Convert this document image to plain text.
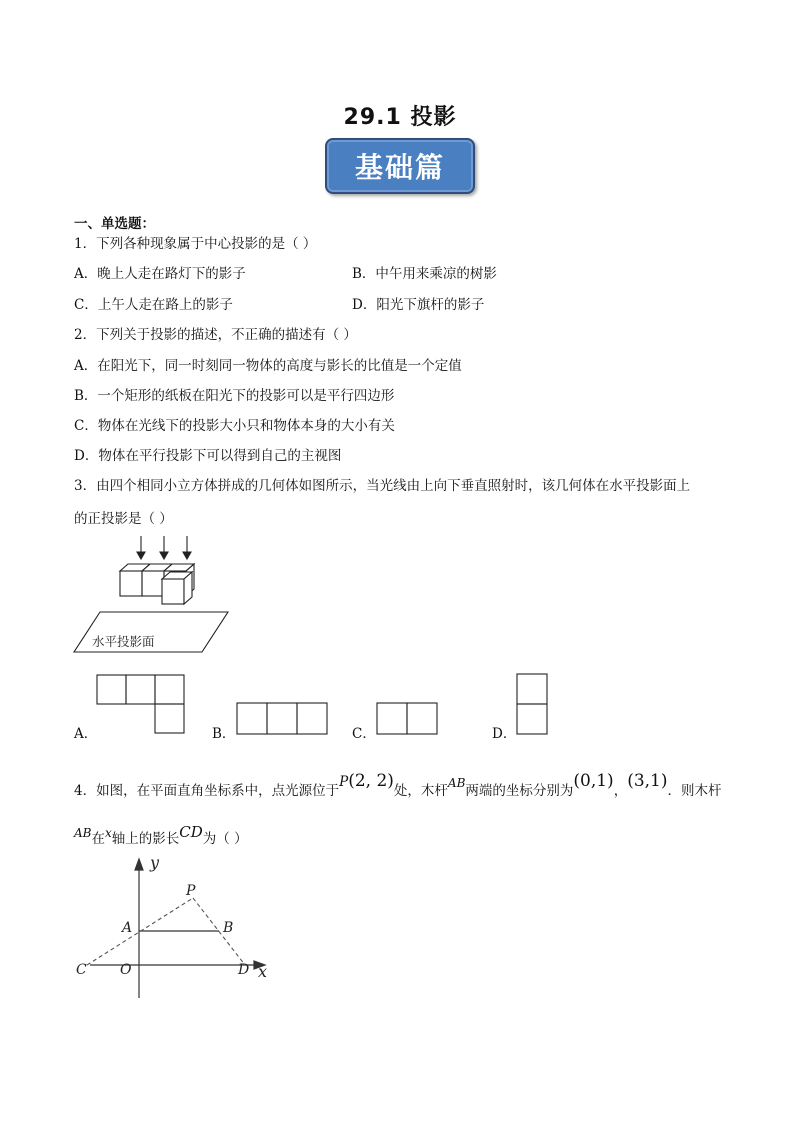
29.1 投影
基础篇
一、单选题：
1．下列各种现象属于中心投影的是（ ）
A．晚上人走在路灯下的影子	B．中午用来乘凉的树影
C．上午人走在路上的影子	D．阳光下旗杆的影子
2．下列关于投影的描述，不正确的描述有（ ）
A．在阳光下，同一时刻同一物体的高度与影长的比值是一个定值
B．一个矩形的纸板在阳光下的投影可以是平行四边形
C．物体在光线下的投影大小只和物体本身的大小有关
D．物体在平行投影下可以得到自己的主视图
3．由四个相同小立方体拼成的几何体如图所示，当光线由上向下垂直照射时，该几何体在水平投影面上
的正投影是（ ）
水平投影面
A．	B．	C．	D．
4．如图，在平面直角坐标系中，点光源位于P(2, 2)处，木杆AB两端的坐标分别为(0,1)，(3,1)．则木杆
AB在x轴上的影长CD为（ ）
y
x
P
A	B
C O	D
